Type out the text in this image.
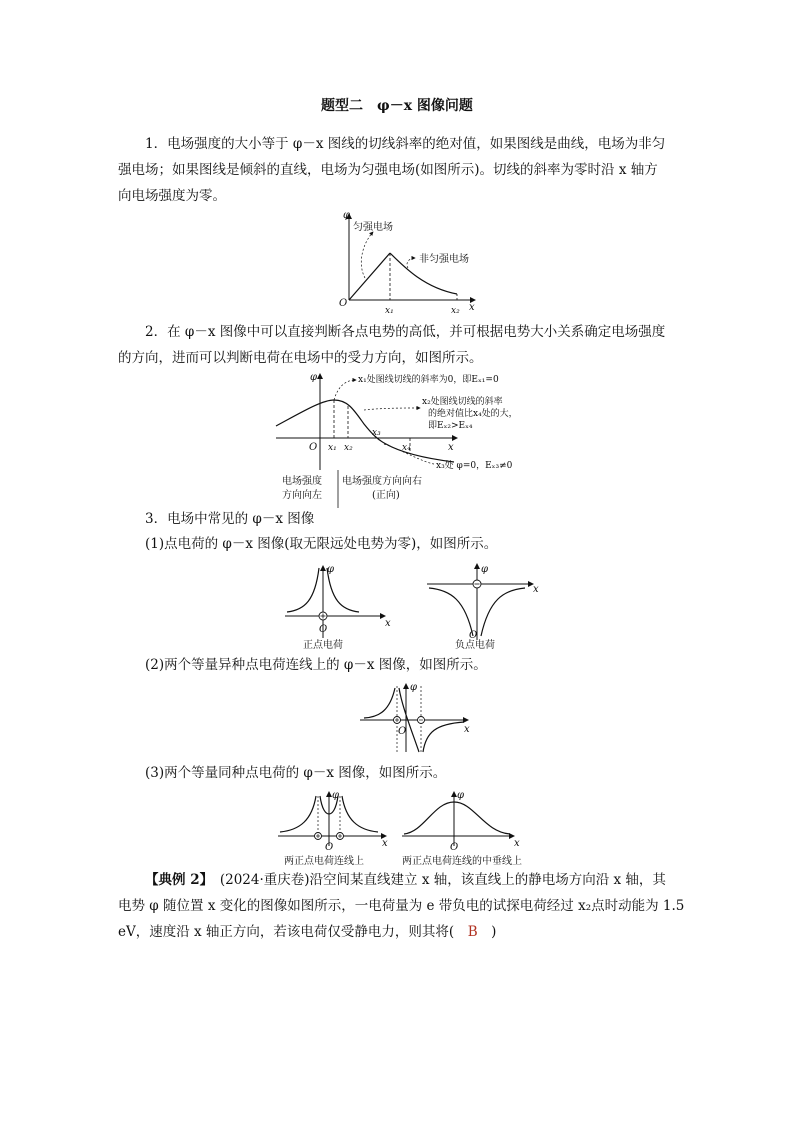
题型二　φ－x 图像问题
1．电场强度的大小等于 φ－x 图线的切线斜率的绝对值，如果图线是曲线，电场为非匀
强电场；如果图线是倾斜的直线，电场为匀强电场(如图所示)。切线的斜率为零时沿 x 轴方
向电场强度为零。
φ
O	x
x₁	x₂
匀强电场
非匀强电场
2．在 φ－x 图像中可以直接判断各点电势的高低，并可根据电势大小关系确定电场强度
的方向，进而可以判断电荷在电场中的受力方向，如图所示。
φ
O	x
x₁ x₂
x₃
x₄
x₁处图线切线的斜率为0，即Eₓ₁=0
x₂处图线切线的斜率
的绝对值比x₄处的大，
即Eₓ₂>Eₓ₄
x₃处 φ=0，Eₓ₃≠0
电场强度
方向向左
电场强度方向向右
(正向)
3．电场中常见的 φ－x 图像
(1)点电荷的 φ－x 图像(取无限远处电势为零)，如图所示。
φ
O
x
正点电荷
φ
x
O
负点电荷
(2)两个等量异种点电荷连线上的 φ－x 图像，如图所示。
φ
O	x
(3)两个等量同种点电荷的 φ－x 图像，如图所示。
φ
O	x
两正点电荷连线上
φ
O	x
两正点电荷连线的中垂线上
【典例 2】　(2024·重庆卷)沿空间某直线建立 x 轴，该直线上的静电场方向沿 x 轴，其
电势 φ 随位置 x 变化的图像如图所示，一电荷量为 e 带负电的试探电荷经过 x₂点时动能为 1.5
eV，速度沿 x 轴正方向，若该电荷仅受静电力，则其将(　B　)
